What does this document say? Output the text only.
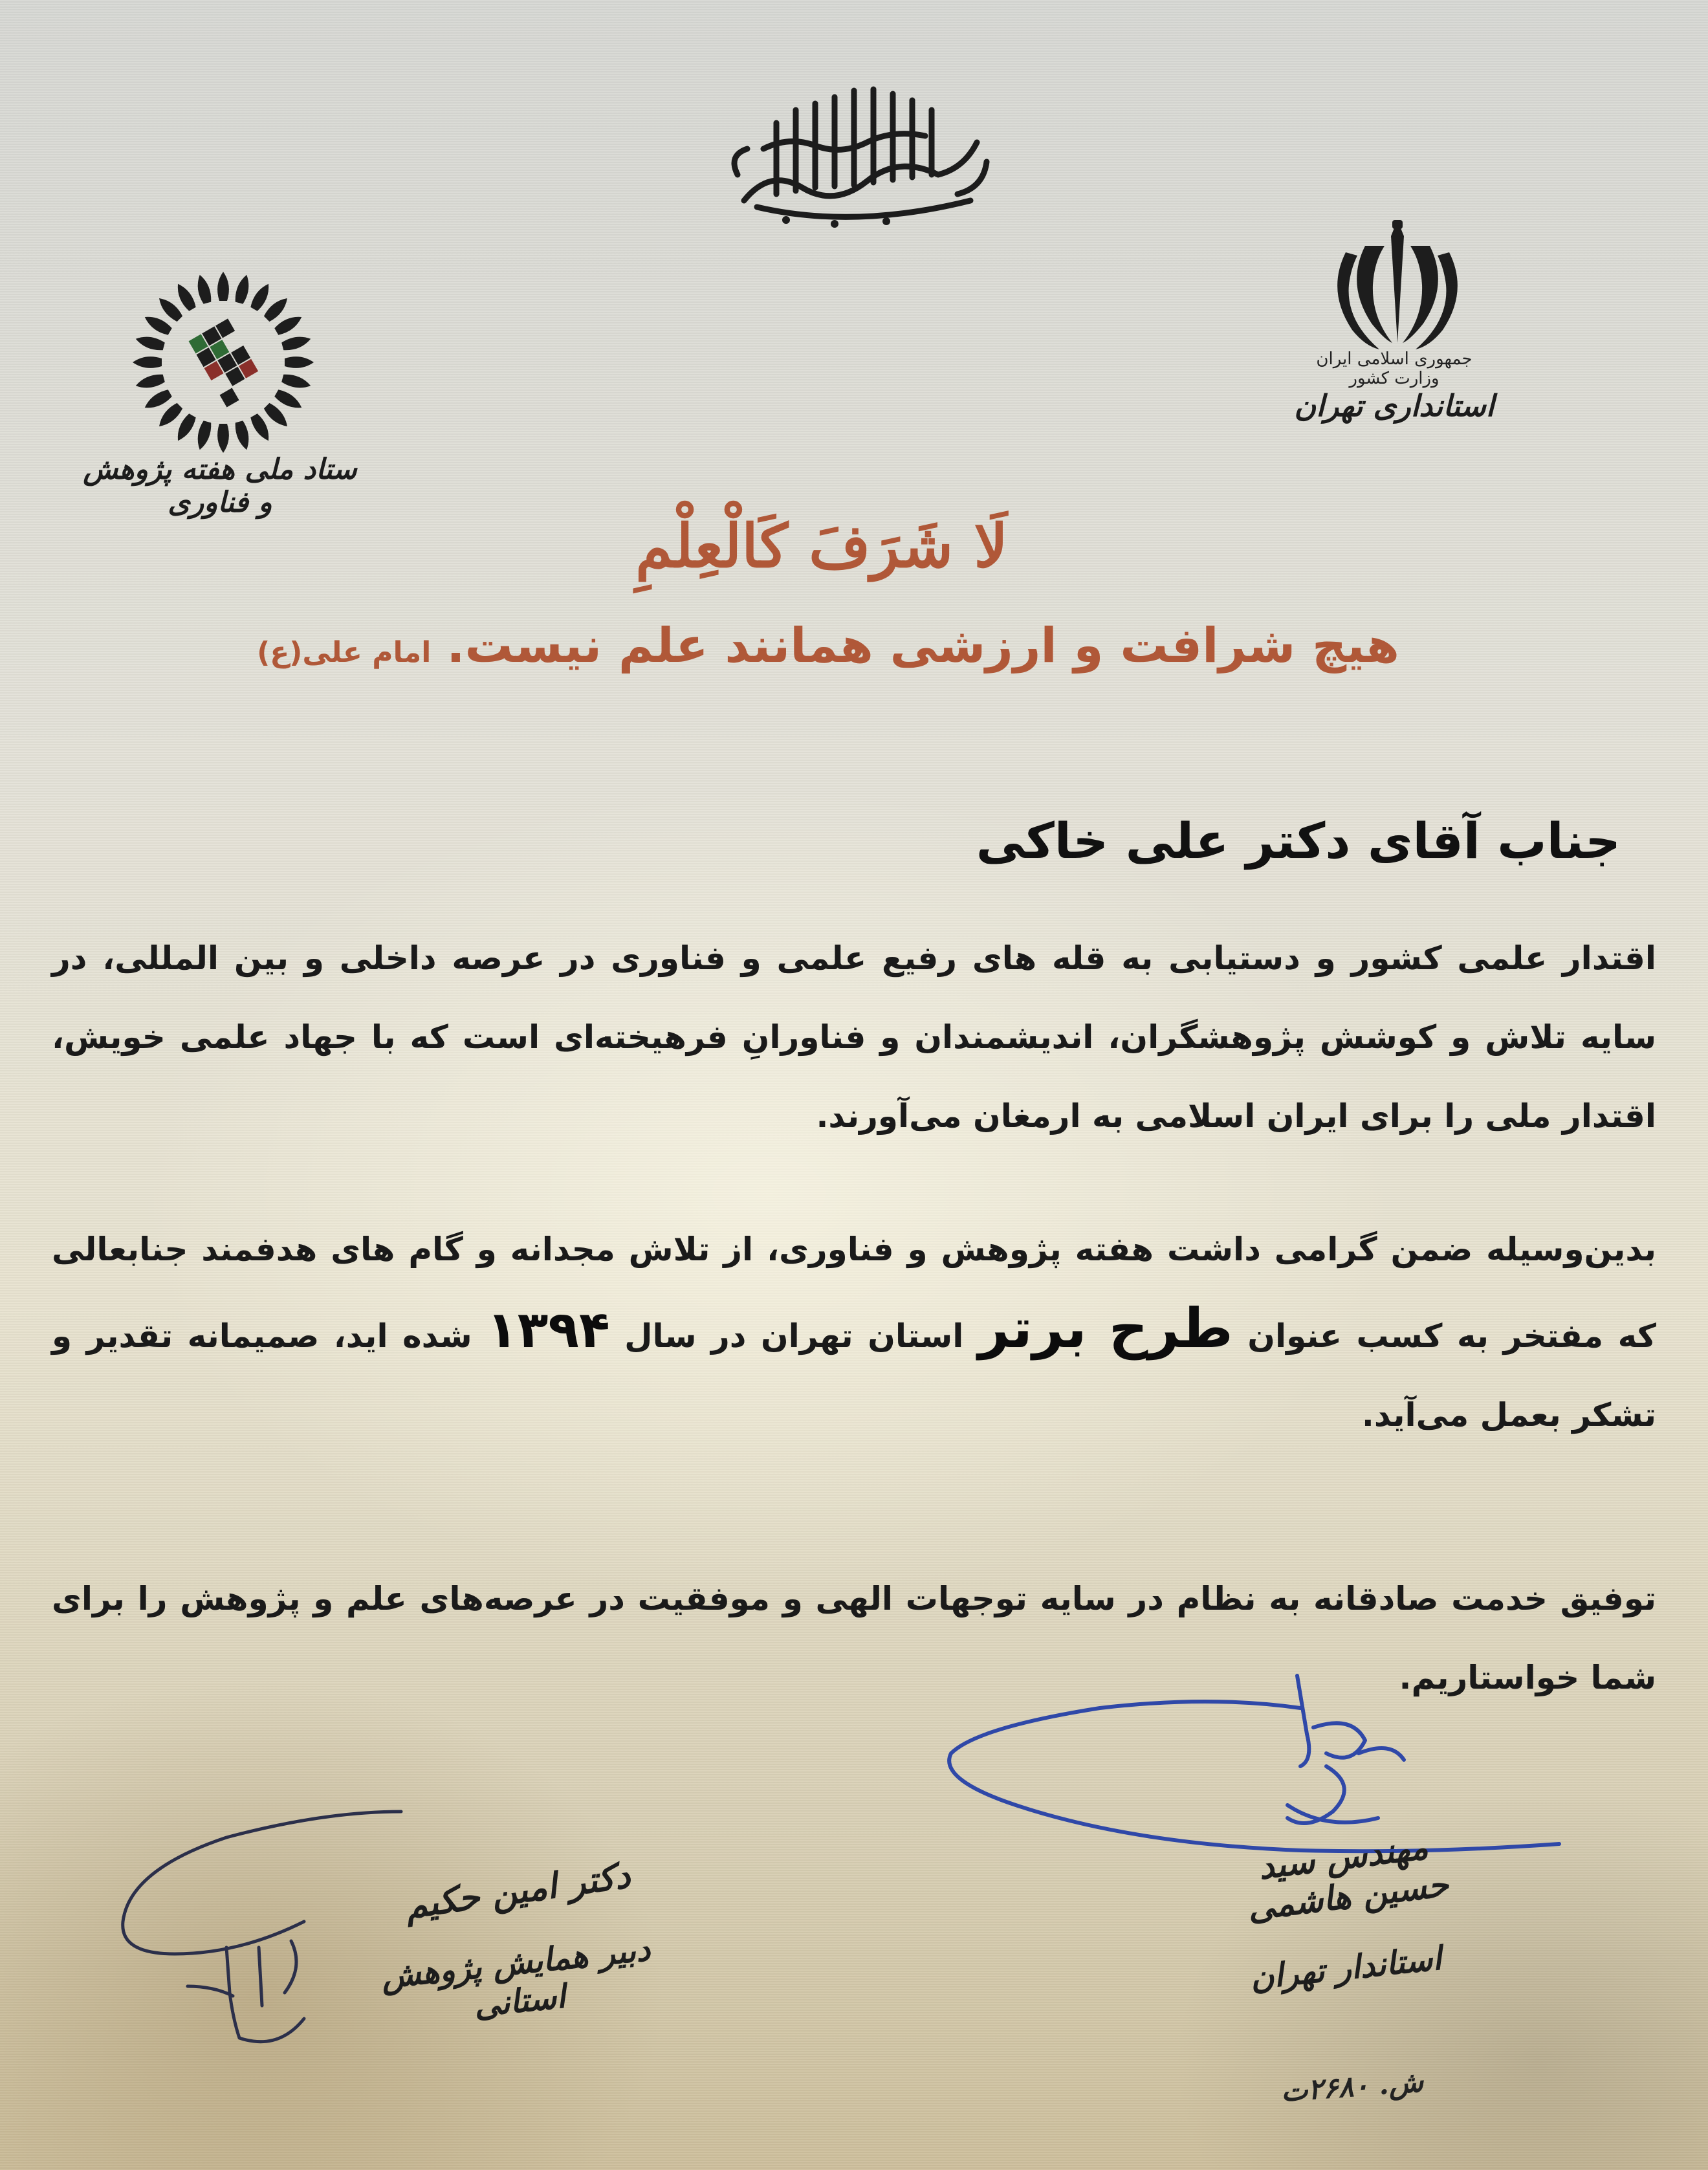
جمهوری اسلامی ایران
وزارت کشور
استانداری تهران
ستاد ملی هفته پژوهش و فناوری
لَا شَرَفَ کَالْعِلْمِ
هیچ شرافت و ارزشی همانند علم نیست.امام علی(ع)
جناب آقای دکتر علی خاکی
اقتدار علمی کشور و دستیابی به قله های رفیع علمی و فناوری در عرصه داخلی و بین المللی، در سایه تلاش و کوشش پژوهشگران، اندیشمندان و فناورانِ فرهیخته‌ای است که با جهاد علمی خویش، اقتدار ملی را برای ایران اسلامی به ارمغان می‌آورند.
بدین‌وسیله ضمن گرامی داشت هفته پژوهش و فناوری، از تلاش مجدانه و گام های هدفمند جنابعالی که مفتخر به کسب عنوان طرح برتر استان تهران در سال ۱۳۹۴ شده اید، صمیمانه تقدیر و تشکر بعمل می‌آید.
توفیق خدمت صادقانه به نظام در سایه توجهات الهی و موفقیت در عرصه‌های علم و پژوهش را برای شما خواستاریم.
مهندس سید حسین هاشمی
استاندار تهران
دکتر امین حکیم
دبیر همایش پژوهش استانی
ش. ۲۶۸۰ت
